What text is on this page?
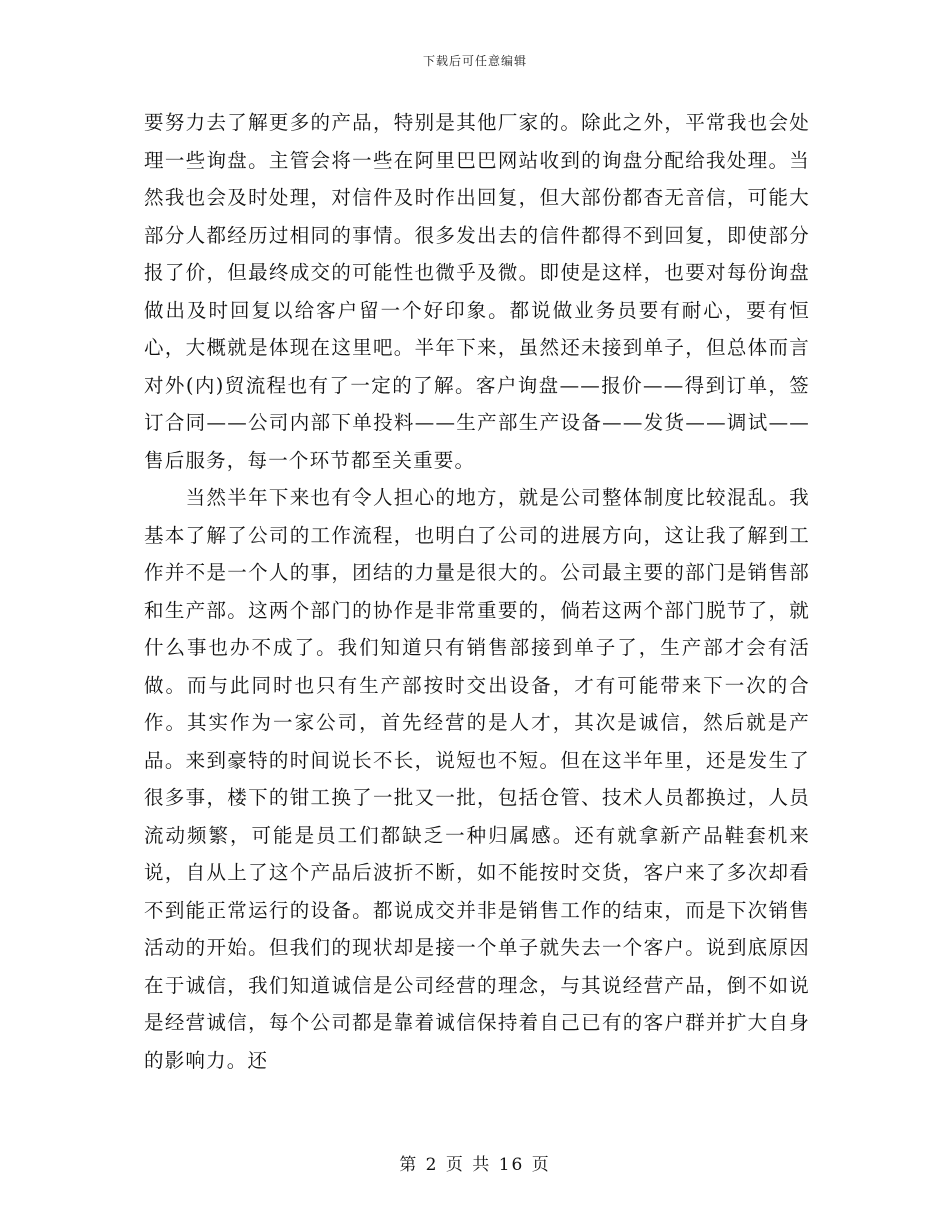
下载后可任意编辑

要努力去了解更多的产品，特别是其他厂家的。除此之外，平常我也会处理一些询盘。主管会将一些在阿里巴巴网站收到的询盘分配给我处理。当然我也会及时处理，对信件及时作出回复，但大部份都杳无音信，可能大部分人都经历过相同的事情。很多发出去的信件都得不到回复，即使部分报了价，但最终成交的可能性也微乎及微。即使是这样，也要对每份询盘做出及时回复以给客户留一个好印象。都说做业务员要有耐心，要有恒心，大概就是体现在这里吧。半年下来，虽然还未接到单子，但总体而言对外(内)贸流程也有了一定的了解。客户询盘——报价——得到订单，签订合同——公司内部下单投料——生产部生产设备——发货——调试——售后服务，每一个环节都至关重要。

　　当然半年下来也有令人担心的地方，就是公司整体制度比较混乱。我基本了解了公司的工作流程，也明白了公司的进展方向，这让我了解到工作并不是一个人的事，团结的力量是很大的。公司最主要的部门是销售部和生产部。这两个部门的协作是非常重要的，倘若这两个部门脱节了，就什么事也办不成了。我们知道只有销售部接到单子了，生产部才会有活做。而与此同时也只有生产部按时交出设备，才有可能带来下一次的合作。其实作为一家公司，首先经营的是人才，其次是诚信，然后就是产品。来到豪特的时间说长不长，说短也不短。但在这半年里，还是发生了很多事，楼下的钳工换了一批又一批，包括仓管、技术人员都换过，人员流动频繁，可能是员工们都缺乏一种归属感。还有就拿新产品鞋套机来说，自从上了这个产品后波折不断，如不能按时交货，客户来了多次却看不到能正常运行的设备。都说成交并非是销售工作的结束，而是下次销售活动的开始。但我们的现状却是接一个单子就失去一个客户。说到底原因在于诚信，我们知道诚信是公司经营的理念，与其说经营产品，倒不如说是经营诚信，每个公司都是靠着诚信保持着自己已有的客户群并扩大自身的影响力。还

第 2 页 共 16 页
